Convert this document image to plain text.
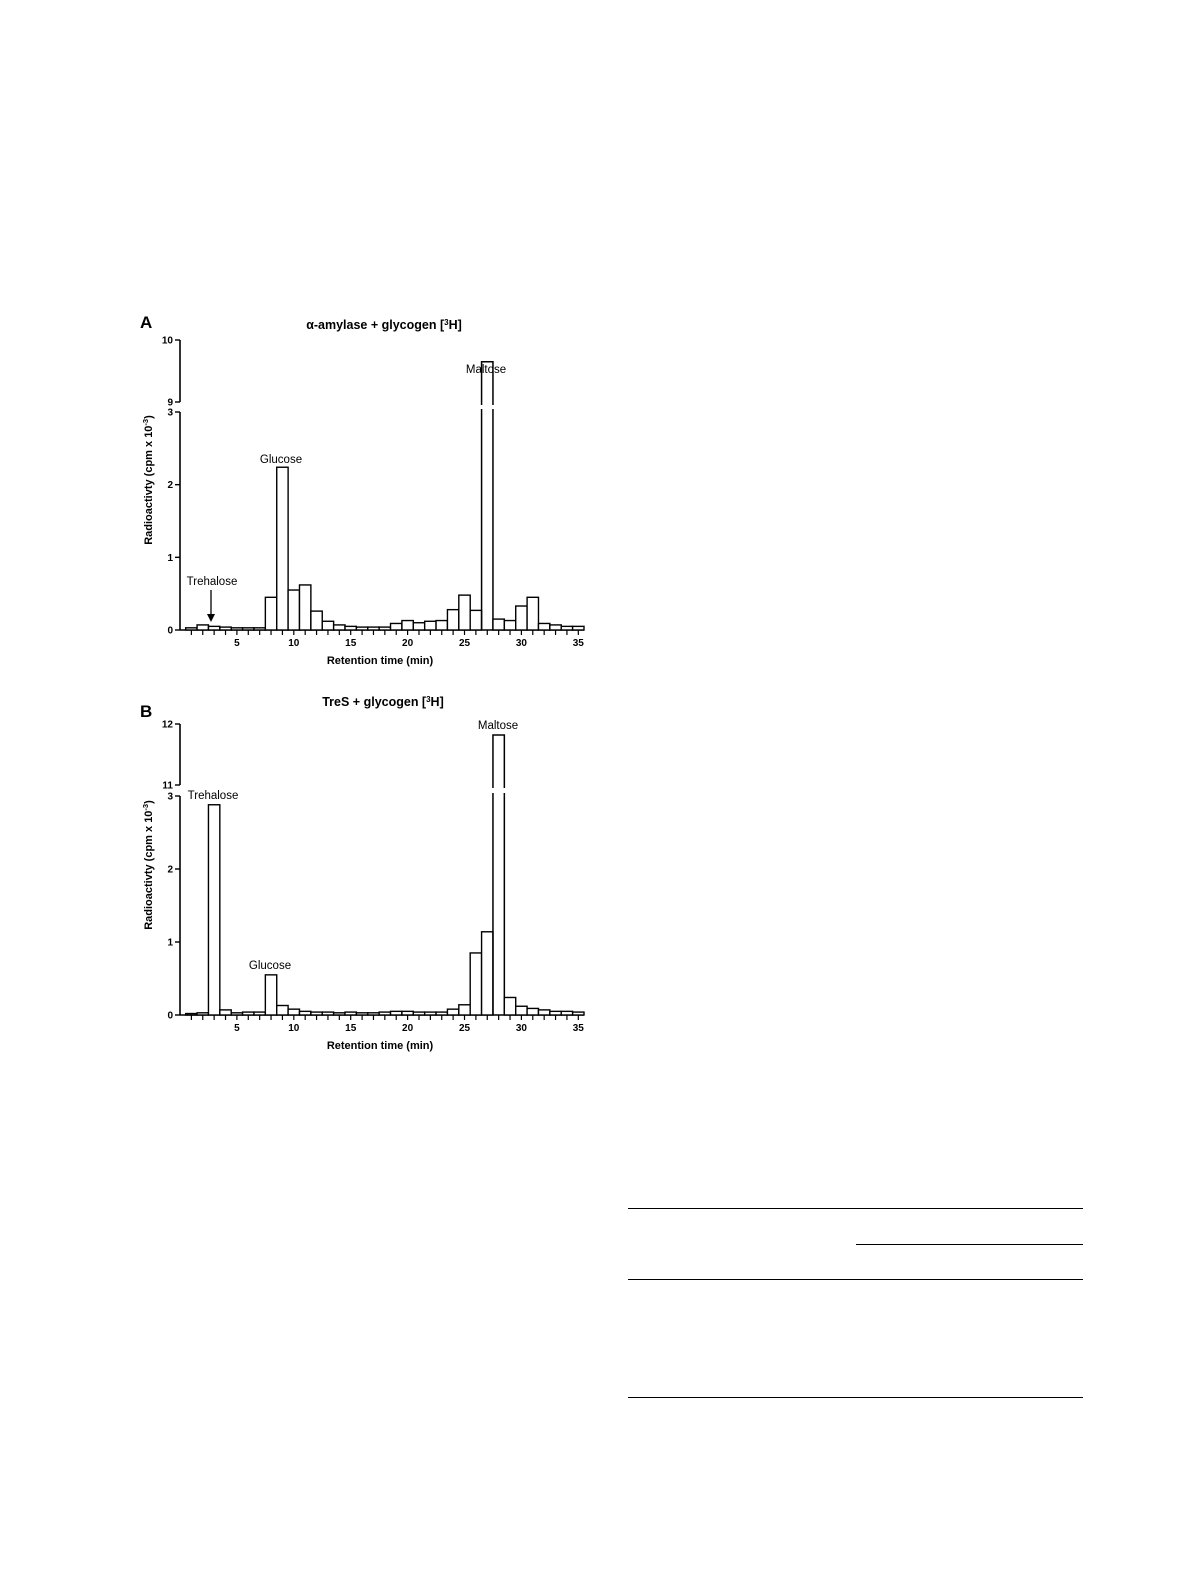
A	α-amylase + glycogen [$^3$H]
Radioactivty (cpm x $10^{-3}$)
Retention time (min)
0
1
2
3
9
10
5	10	15	20	25	30	35
Trehalose
Glucose
Maltose
B	TreS + glycogen [$^3$H]
Radioactivty (cpm x $10^{-3}$)
Retention time (min)
0
1
2
3
11
12
5	10	15	20	25	30	35
Trehalose
Glucose
Maltose
